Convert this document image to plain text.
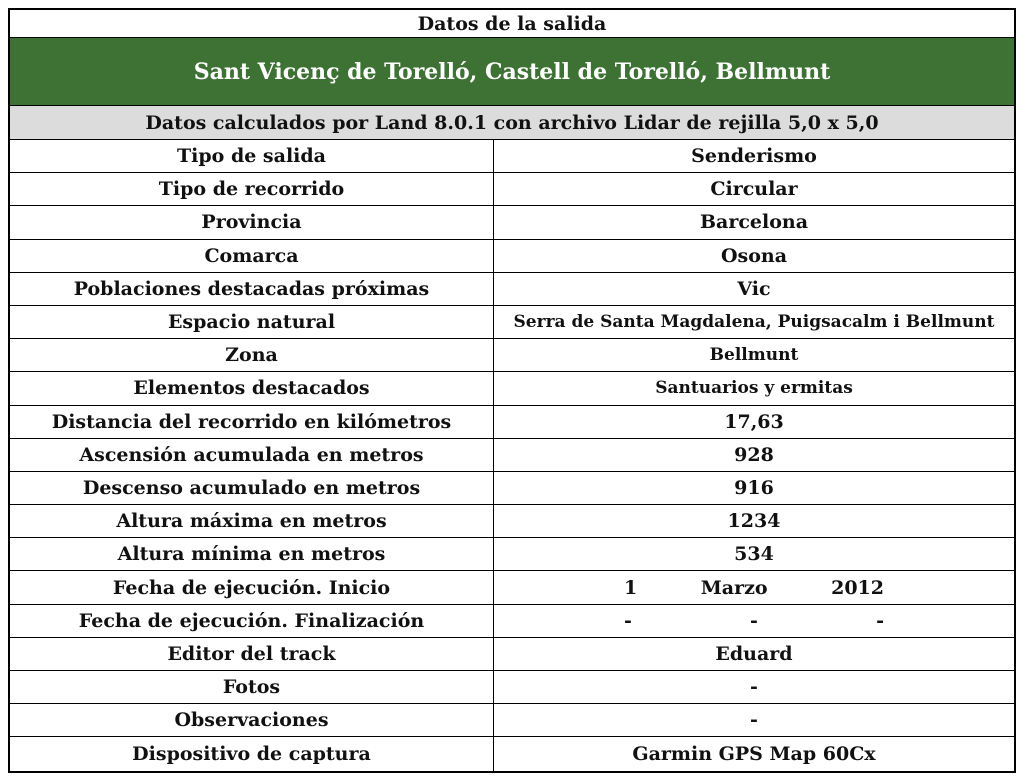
Datos de la salida
Sant Vicenç de Torelló, Castell de Torelló, Bellmunt
Datos calculados por Land 8.0.1 con archivo Lidar de rejilla 5,0 x 5,0
Tipo de salida	Senderismo
Tipo de recorrido	Circular
Provincia	Barcelona
Comarca	Osona
Poblaciones destacadas próximas	Vic
Espacio natural	Serra de Santa Magdalena, Puigsacalm i Bellmunt
Zona	Bellmunt
Elementos destacados	Santuarios y ermitas
Distancia del recorrido en kilómetros	17,63
Ascensión acumulada en metros	928
Descenso acumulado en metros	916
Altura máxima en metros	1234
Altura mínima en metros	534
Fecha de ejecución. Inicio	1	Marzo	2012
Fecha de ejecución. Finalización	-	-	-
Editor del track	Eduard
Fotos	-
Observaciones	-
Dispositivo de captura	Garmin GPS Map 60Cx
